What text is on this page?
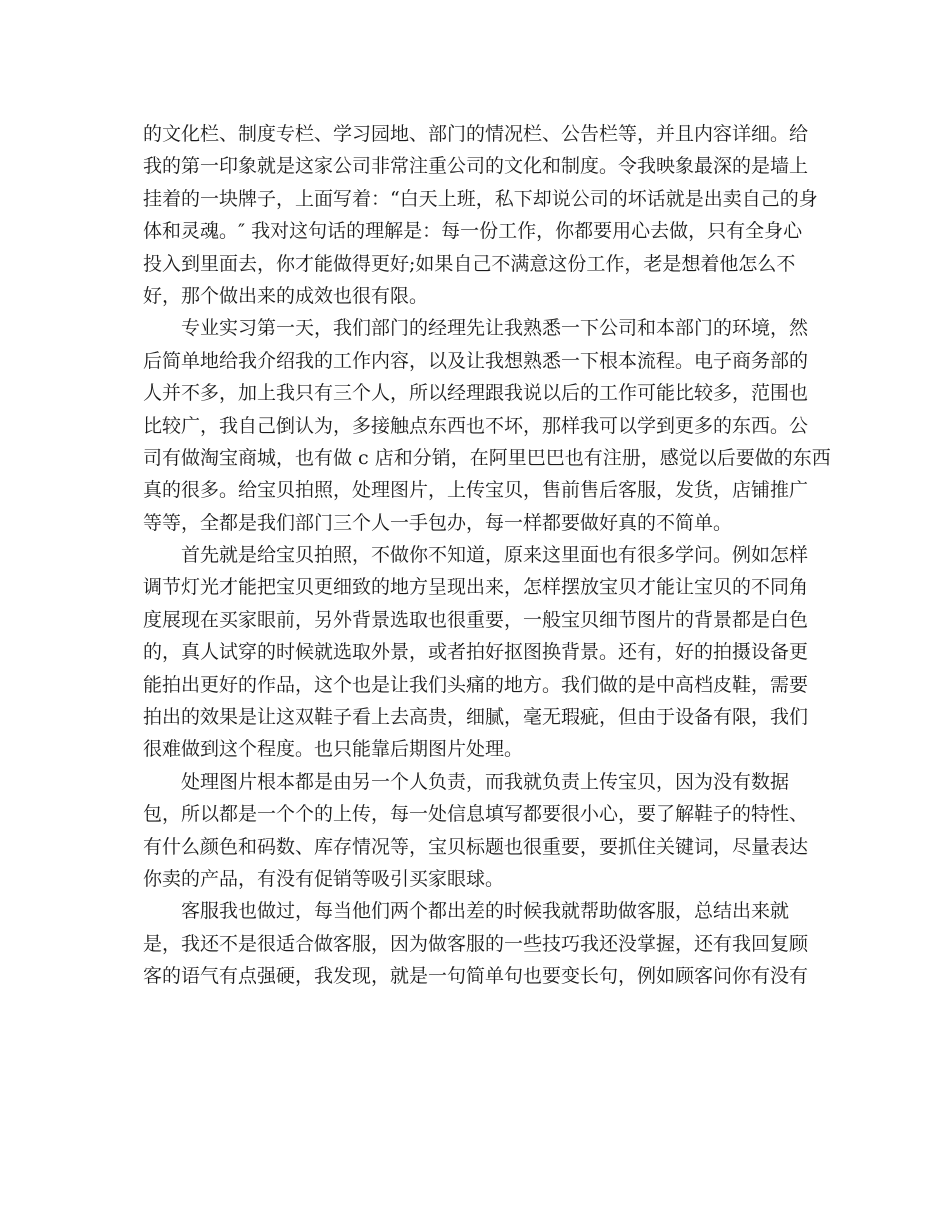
的文化栏、制度专栏、学习园地、部门的情况栏、公告栏等，并且内容详细。给
我的第一印象就是这家公司非常注重公司的文化和制度。令我映象最深的是墙上
挂着的一块牌子，上面写着：“白天上班，私下却说公司的坏话就是出卖自己的身
体和灵魂。″ 我对这句话的理解是：每一份工作，你都要用心去做，只有全身心
投入到里面去，你才能做得更好;如果自己不满意这份工作，老是想着他怎么不
好，那个做出来的成效也很有限。
专业实习第一天，我们部门的经理先让我熟悉一下公司和本部门的环境，然
后简单地给我介绍我的工作内容，以及让我想熟悉一下根本流程。电子商务部的
人并不多，加上我只有三个人，所以经理跟我说以后的工作可能比较多，范围也
比较广，我自己倒认为，多接触点东西也不坏，那样我可以学到更多的东西。公
司有做淘宝商城，也有做 c 店和分销，在阿里巴巴也有注册，感觉以后要做的东西
真的很多。给宝贝拍照，处理图片，上传宝贝，售前售后客服，发货，店铺推广
等等，全都是我们部门三个人一手包办，每一样都要做好真的不简单。
首先就是给宝贝拍照，不做你不知道，原来这里面也有很多学问。例如怎样
调节灯光才能把宝贝更细致的地方呈现出来，怎样摆放宝贝才能让宝贝的不同角
度展现在买家眼前，另外背景选取也很重要，一般宝贝细节图片的背景都是白色
的，真人试穿的时候就选取外景，或者拍好抠图换背景。还有，好的拍摄设备更
能拍出更好的作品，这个也是让我们头痛的地方。我们做的是中高档皮鞋，需要
拍出的效果是让这双鞋子看上去高贵，细腻，毫无瑕疵，但由于设备有限，我们
很难做到这个程度。也只能靠后期图片处理。
处理图片根本都是由另一个人负责，而我就负责上传宝贝，因为没有数据
包，所以都是一个个的上传，每一处信息填写都要很小心，要了解鞋子的特性、
有什么颜色和码数、库存情况等，宝贝标题也很重要，要抓住关键词，尽量表达
你卖的产品，有没有促销等吸引买家眼球。
客服我也做过，每当他们两个都出差的时候我就帮助做客服，总结出来就
是，我还不是很适合做客服，因为做客服的一些技巧我还没掌握，还有我回复顾
客的语气有点强硬，我发现，就是一句简单句也要变长句，例如顾客问你有没有
